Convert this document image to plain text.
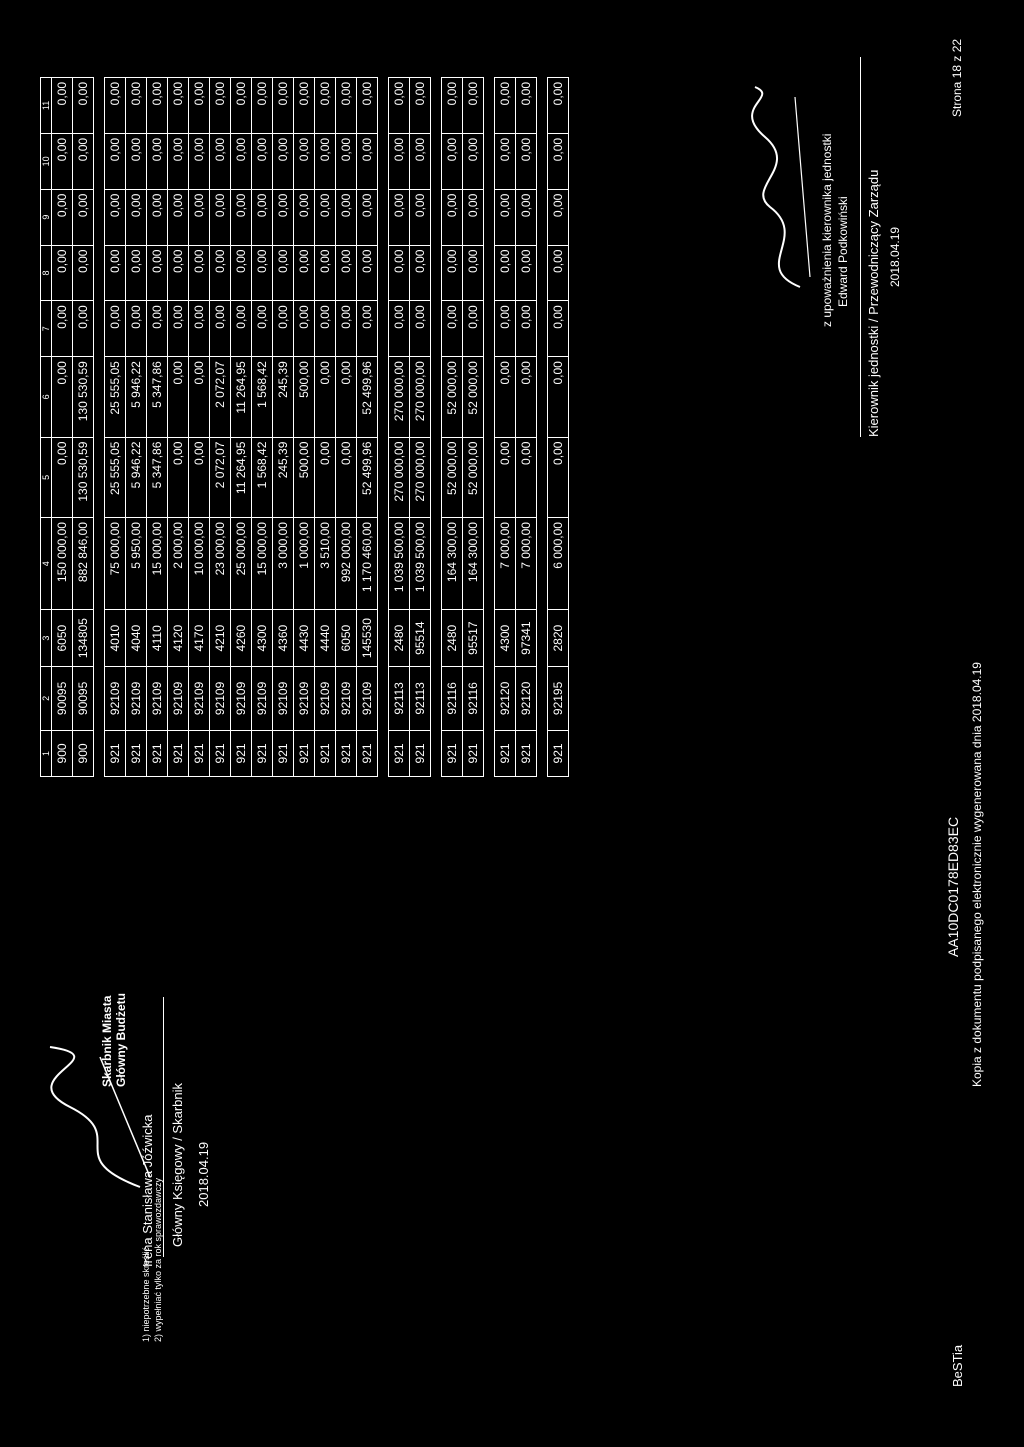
1	2	3	4	5	6	7	8	9	10	11
900	90095	6050	150 000,00	0,00	0,00	0,00	0,00	0,00	0,00	0,00
900	90095	134805	882 846,00	130 530,59	130 530,59	0,00	0,00	0,00	0,00	0,00

921	92109	4010	75 000,00	25 555,05	25 555,05	0,00	0,00	0,00	0,00	0,00
921	92109	4040	5 950,00	5 946,22	5 946,22	0,00	0,00	0,00	0,00	0,00
921	92109	4110	15 000,00	5 347,86	5 347,86	0,00	0,00	0,00	0,00	0,00
921	92109	4120	2 000,00	0,00	0,00	0,00	0,00	0,00	0,00	0,00
921	92109	4170	10 000,00	0,00	0,00	0,00	0,00	0,00	0,00	0,00
921	92109	4210	23 000,00	2 072,07	2 072,07	0,00	0,00	0,00	0,00	0,00
921	92109	4260	25 000,00	11 264,95	11 264,95	0,00	0,00	0,00	0,00	0,00
921	92109	4300	15 000,00	1 568,42	1 568,42	0,00	0,00	0,00	0,00	0,00
921	92109	4360	3 000,00	245,39	245,39	0,00	0,00	0,00	0,00	0,00
921	92109	4430	1 000,00	500,00	500,00	0,00	0,00	0,00	0,00	0,00
921	92109	4440	3 510,00	0,00	0,00	0,00	0,00	0,00	0,00	0,00
921	92109	6050	992 000,00	0,00	0,00	0,00	0,00	0,00	0,00	0,00
921	92109	145530	1 170 460,00	52 499,96	52 499,96	0,00	0,00	0,00	0,00	0,00

921	92113	2480	1 039 500,00	270 000,00	270 000,00	0,00	0,00	0,00	0,00	0,00
921	92113	95514	1 039 500,00	270 000,00	270 000,00	0,00	0,00	0,00	0,00	0,00

921	92116	2480	164 300,00	52 000,00	52 000,00	0,00	0,00	0,00	0,00	0,00
921	92116	95517	164 300,00	52 000,00	52 000,00	0,00	0,00	0,00	0,00	0,00

921	92120	4300	7 000,00	0,00	0,00	0,00	0,00	0,00	0,00	0,00
921	92120	97341	7 000,00	0,00	0,00	0,00	0,00	0,00	0,00	0,00

921	92195	2820	6 000,00	0,00	0,00	0,00	0,00	0,00	0,00	0,00
1) niepotrzebne skreślić 2) wypełniać tylko za rok sprawozdawczy
Irena Stanisława Jóźwicka Główny Księgowy / Skarbnik 2018.04.19
Skarbnik Miasta Główny Budżetu
AA10DC0178ED83EC Kopia z dokumentu podpisanego elektronicznie wygenerowana dnia 2018.04.19
BeSTia
Strona 18 z 22
z upoważnienia kierownika jednostki Edward Podkowiński Kierownik jednostki / Przewodniczący Zarządu 2018.04.19
